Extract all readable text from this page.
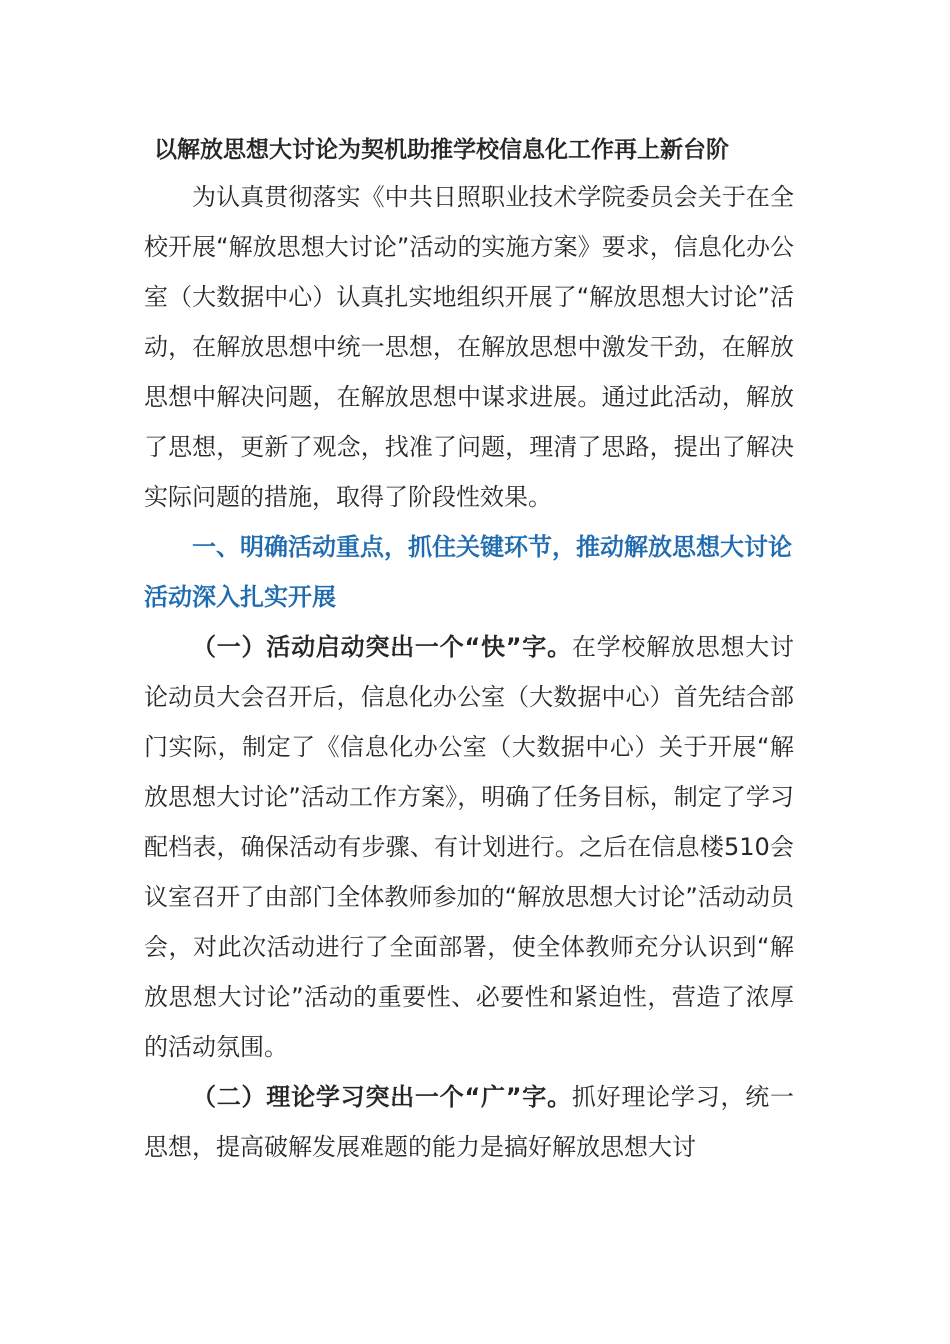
以解放思想大讨论为契机助推学校信息化工作再上新台阶

为认真贯彻落实《中共日照职业技术学院委员会关于在全校开展“解放思想大讨论”活动的实施方案》要求，信息化办公室（大数据中心）认真扎实地组织开展了“解放思想大讨论”活动，在解放思想中统一思想，在解放思想中激发干劲，在解放思想中解决问题，在解放思想中谋求进展。通过此活动，解放了思想，更新了观念，找准了问题，理清了思路，提出了解决实际问题的措施，取得了阶段性效果。

一、明确活动重点，抓住关键环节，推动解放思想大讨论活动深入扎实开展

（一）活动启动突出一个“快”字。在学校解放思想大讨论动员大会召开后，信息化办公室（大数据中心）首先结合部门实际，制定了《信息化办公室（大数据中心）关于开展“解放思想大讨论”活动工作方案》，明确了任务目标，制定了学习配档表，确保活动有步骤、有计划进行。之后在信息楼510会议室召开了由部门全体教师参加的“解放思想大讨论”活动动员会，对此次活动进行了全面部署，使全体教师充分认识到“解放思想大讨论”活动的重要性、必要性和紧迫性，营造了浓厚的活动氛围。

（二）理论学习突出一个“广”字。抓好理论学习，统一思想，提高破解发展难题的能力是搞好解放思想大讨
